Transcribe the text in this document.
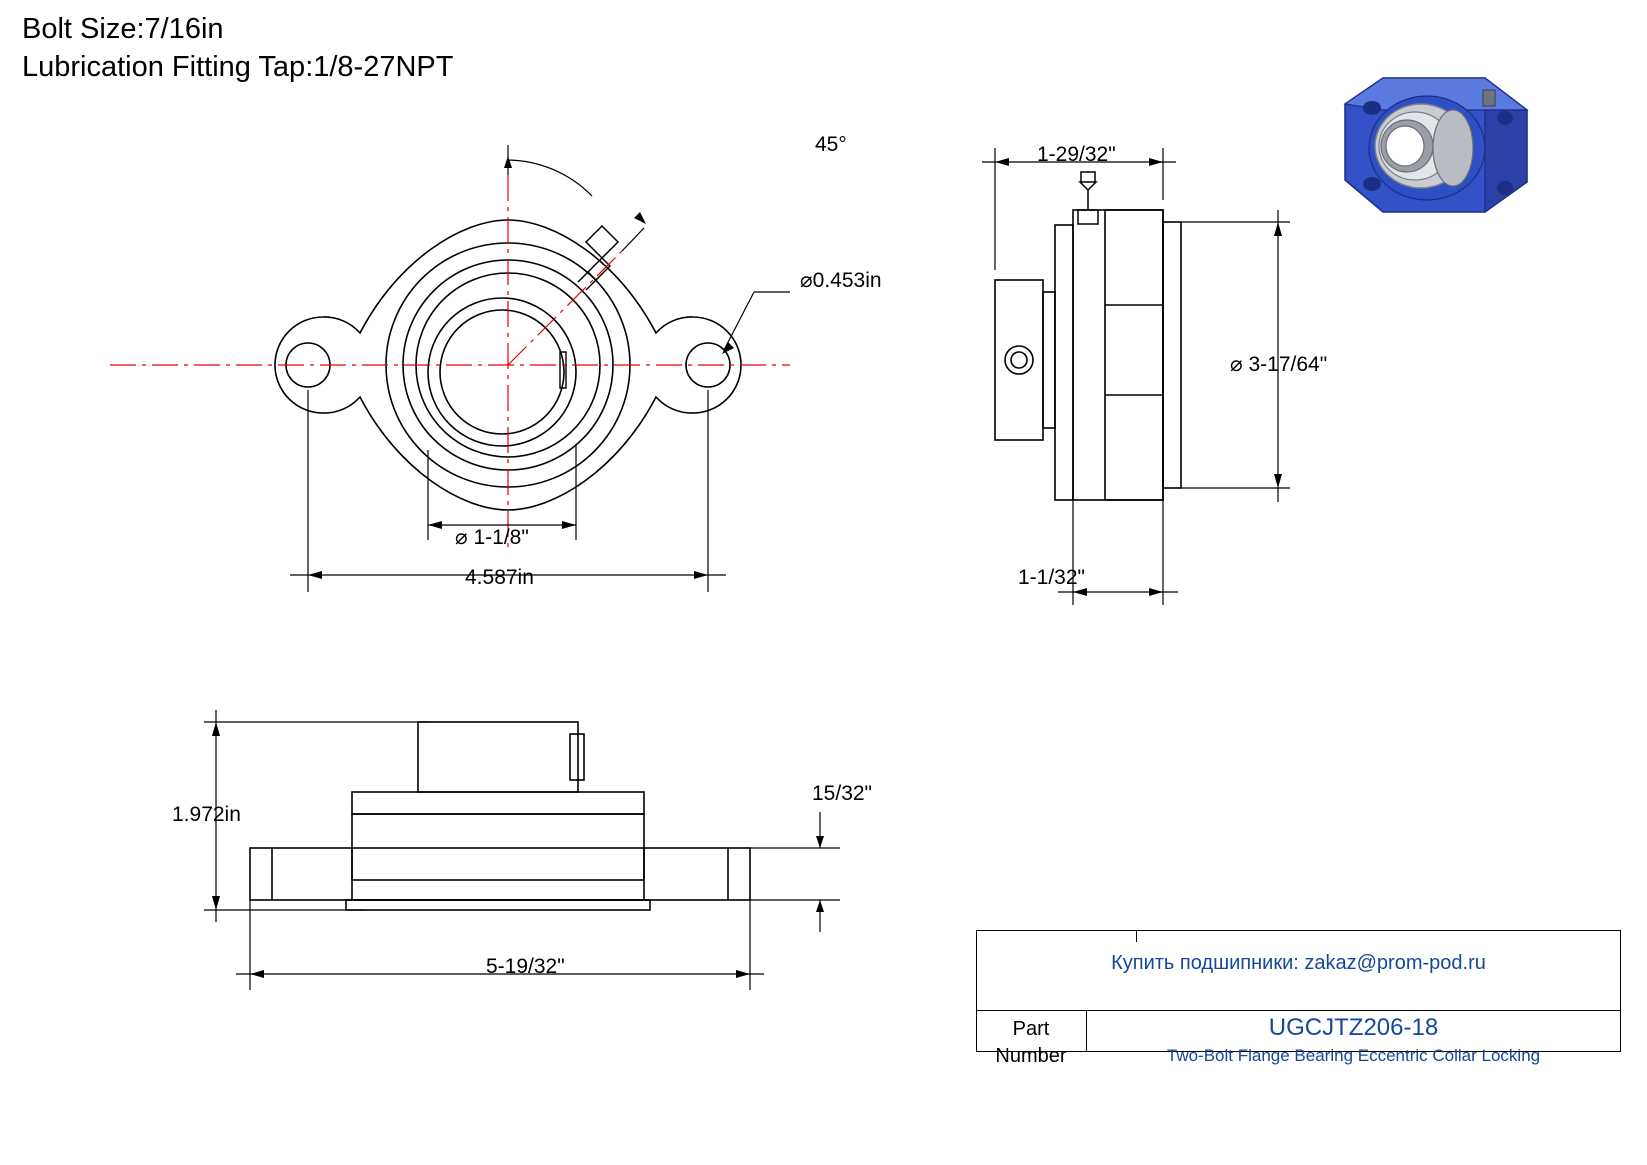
Bolt Size:7/16in
Lubrication Fitting Tap:1/8-27NPT
45°
⌀0.453in
⌀ 1-1/8"
4.587in
1-29/32"
⌀ 3-17/64"
1-1/32"
1.972in
15/32"
5-19/32"	Купить подшипники: zakaz@prom-pod.ru
Part
Number
UGCJTZ206-18
Two-Bolt Flange Bearing Eccentric Collar Locking
